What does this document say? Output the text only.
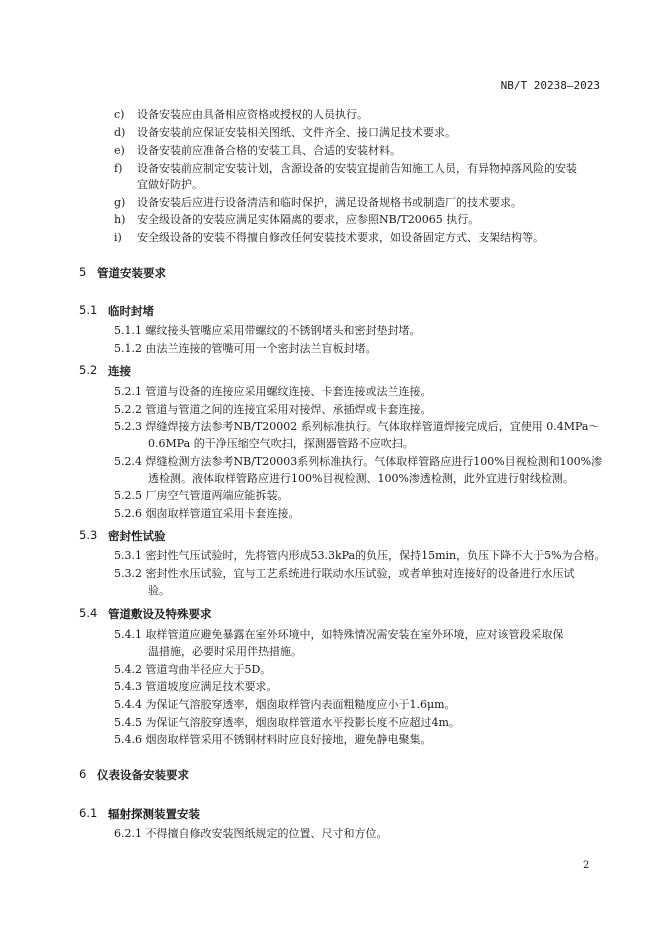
NB/T 20238—2023
c) 设备安装应由具备相应资格或授权的人员执行。
d) 设备安装前应保证安装相关图纸、文件齐全、接口满足技术要求。
e) 设备安装前应准备合格的安装工具、合适的安装材料。
f) 设备安装前应制定安装计划，含源设备的安装宜提前告知施工人员，有异物掉落风险的安装
宜做好防护。
g) 设备安装后应进行设备清洁和临时保护，满足设备规格书或制造厂的技术要求。
h) 安全级设备的安装应满足实体隔离的要求，应参照NB/T20065 执行。
i) 安全级设备的安装不得擅自修改任何安装技术要求，如设备固定方式、支架结构等。
5 管道安装要求
5.1 临时封堵
5.1.1 螺纹接头管嘴应采用带螺纹的不锈钢堵头和密封垫封堵。
5.1.2 由法兰连接的管嘴可用一个密封法兰盲板封堵。
5.2 连接
5.2.1 管道与设备的连接应采用螺纹连接、卡套连接或法兰连接。
5.2.2 管道与管道之间的连接宜采用对接焊、承插焊或卡套连接。
5.2.3 焊缝焊接方法参考NB/T20002 系列标准执行。气体取样管道焊接完成后，宜使用 0.4MPa～
0.6MPa 的干净压缩空气吹扫，探测器管路不应吹扫。
5.2.4 焊缝检测方法参考NB/T20003系列标准执行。气体取样管路应进行100%目视检测和100%渗
透检测。液体取样管路应进行100%目视检测、100%渗透检测，此外宜进行射线检测。
5.2.5 厂房空气管道两端应能拆装。
5.2.6 烟囱取样管道宜采用卡套连接。
5.3 密封性试验
5.3.1 密封性气压试验时，先将管内形成53.3kPa的负压，保持15min，负压下降不大于5%为合格。
5.3.2 密封性水压试验，宜与工艺系统进行联动水压试验，或者单独对连接好的设备进行水压试
验。
5.4 管道敷设及特殊要求
5.4.1 取样管道应避免暴露在室外环境中，如特殊情况需安装在室外环境，应对该管段采取保
温措施，必要时采用伴热措施。
5.4.2 管道弯曲半径应大于5D。
5.4.3 管道坡度应满足技术要求。
5.4.4 为保证气溶胶穿透率，烟囱取样管内表面粗糙度应小于1.6μm。
5.4.5 为保证气溶胶穿透率，烟囱取样管道水平投影长度不应超过4m。
5.4.6 烟囱取样管采用不锈钢材料时应良好接地，避免静电聚集。
6 仪表设备安装要求
6.1 辐射探测装置安装
6.2.1 不得擅自修改安装图纸规定的位置、尺寸和方位。
2
